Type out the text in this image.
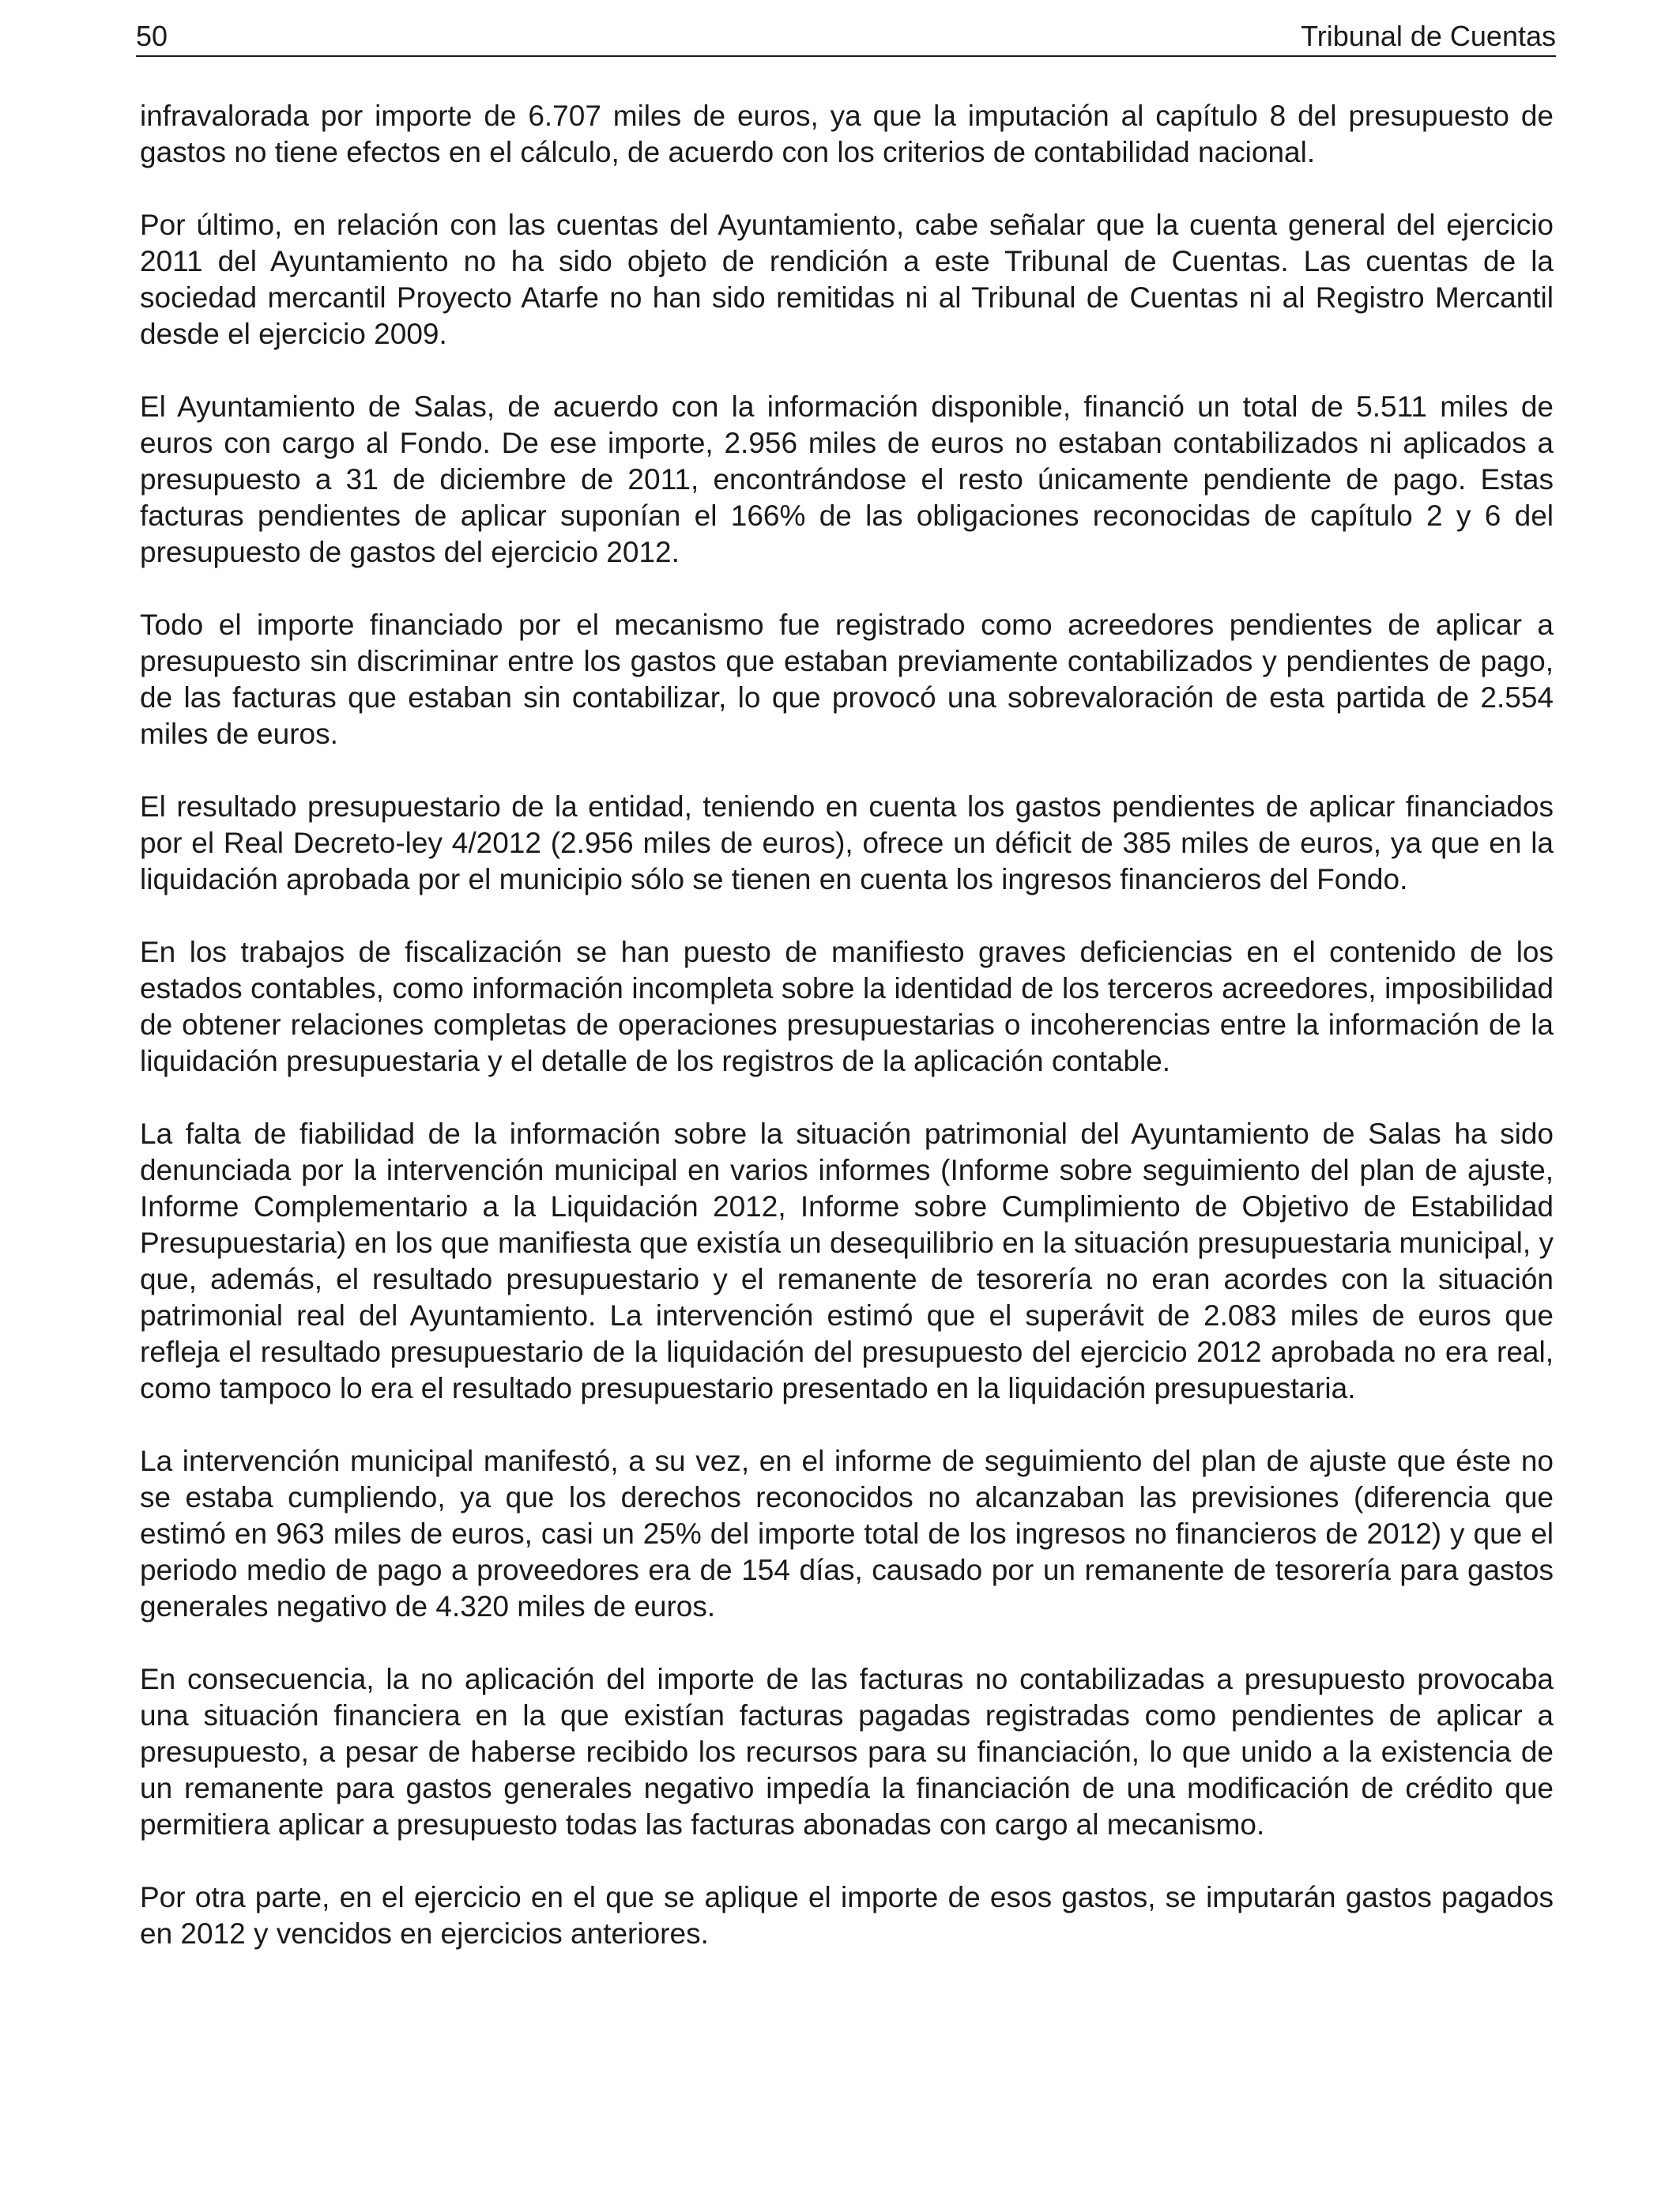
50	Tribunal de Cuentas

infravalorada por importe de 6.707 miles de euros, ya que la imputación al capítulo 8 del presupuesto de gastos no tiene efectos en el cálculo, de acuerdo con los criterios de contabilidad nacional.

Por último, en relación con las cuentas del Ayuntamiento, cabe señalar que la cuenta general del ejercicio 2011 del Ayuntamiento no ha sido objeto de rendición a este Tribunal de Cuentas. Las cuentas de la sociedad mercantil Proyecto Atarfe no han sido remitidas ni al Tribunal de Cuentas ni al Registro Mercantil desde el ejercicio 2009.

El Ayuntamiento de Salas, de acuerdo con la información disponible, financió un total de 5.511 miles de euros con cargo al Fondo. De ese importe, 2.956 miles de euros no estaban contabilizados ni aplicados a presupuesto a 31 de diciembre de 2011, encontrándose el resto únicamente pendiente de pago. Estas facturas pendientes de aplicar suponían el 166% de las obligaciones reconocidas de capítulo 2 y 6 del presupuesto de gastos del ejercicio 2012.

Todo el importe financiado por el mecanismo fue registrado como acreedores pendientes de aplicar a presupuesto sin discriminar entre los gastos que estaban previamente contabilizados y pendientes de pago, de las facturas que estaban sin contabilizar, lo que provocó una sobrevaloración de esta partida de 2.554 miles de euros.

El resultado presupuestario de la entidad, teniendo en cuenta los gastos pendientes de aplicar financiados por el Real Decreto-ley 4/2012 (2.956 miles de euros), ofrece un déficit de 385 miles de euros, ya que en la liquidación aprobada por el municipio sólo se tienen en cuenta los ingresos financieros del Fondo.

En los trabajos de fiscalización se han puesto de manifiesto graves deficiencias en el contenido de los estados contables, como información incompleta sobre la identidad de los terceros acreedores, imposibilidad de obtener relaciones completas de operaciones presupuestarias o incoherencias entre la información de la liquidación presupuestaria y el detalle de los registros de la aplicación contable.

La falta de fiabilidad de la información sobre la situación patrimonial del Ayuntamiento de Salas ha sido denunciada por la intervención municipal en varios informes (Informe sobre seguimiento del plan de ajuste, Informe Complementario a la Liquidación 2012, Informe sobre Cumplimiento de Objetivo de Estabilidad Presupuestaria) en los que manifiesta que existía un desequilibrio en la situación presupuestaria municipal, y que, además, el resultado presupuestario y el remanente de tesorería no eran acordes con la situación patrimonial real del Ayuntamiento. La intervención estimó que el superávit de 2.083 miles de euros que refleja el resultado presupuestario de la liquidación del presupuesto del ejercicio 2012 aprobada no era real, como tampoco lo era el resultado presupuestario presentado en la liquidación presupuestaria.

La intervención municipal manifestó, a su vez, en el informe de seguimiento del plan de ajuste que éste no se estaba cumpliendo, ya que los derechos reconocidos no alcanzaban las previsiones (diferencia que estimó en 963 miles de euros, casi un 25% del importe total de los ingresos no financieros de 2012) y que el periodo medio de pago a proveedores era de 154 días, causado por un remanente de tesorería para gastos generales negativo de 4.320 miles de euros.

En consecuencia, la no aplicación del importe de las facturas no contabilizadas a presupuesto provocaba una situación financiera en la que existían facturas pagadas registradas como pendientes de aplicar a presupuesto, a pesar de haberse recibido los recursos para su financiación, lo que unido a la existencia de un remanente para gastos generales negativo impedía la financiación de una modificación de crédito que permitiera aplicar a presupuesto todas las facturas abonadas con cargo al mecanismo.

Por otra parte, en el ejercicio en el que se aplique el importe de esos gastos, se imputarán gastos pagados en 2012 y vencidos en ejercicios anteriores.
